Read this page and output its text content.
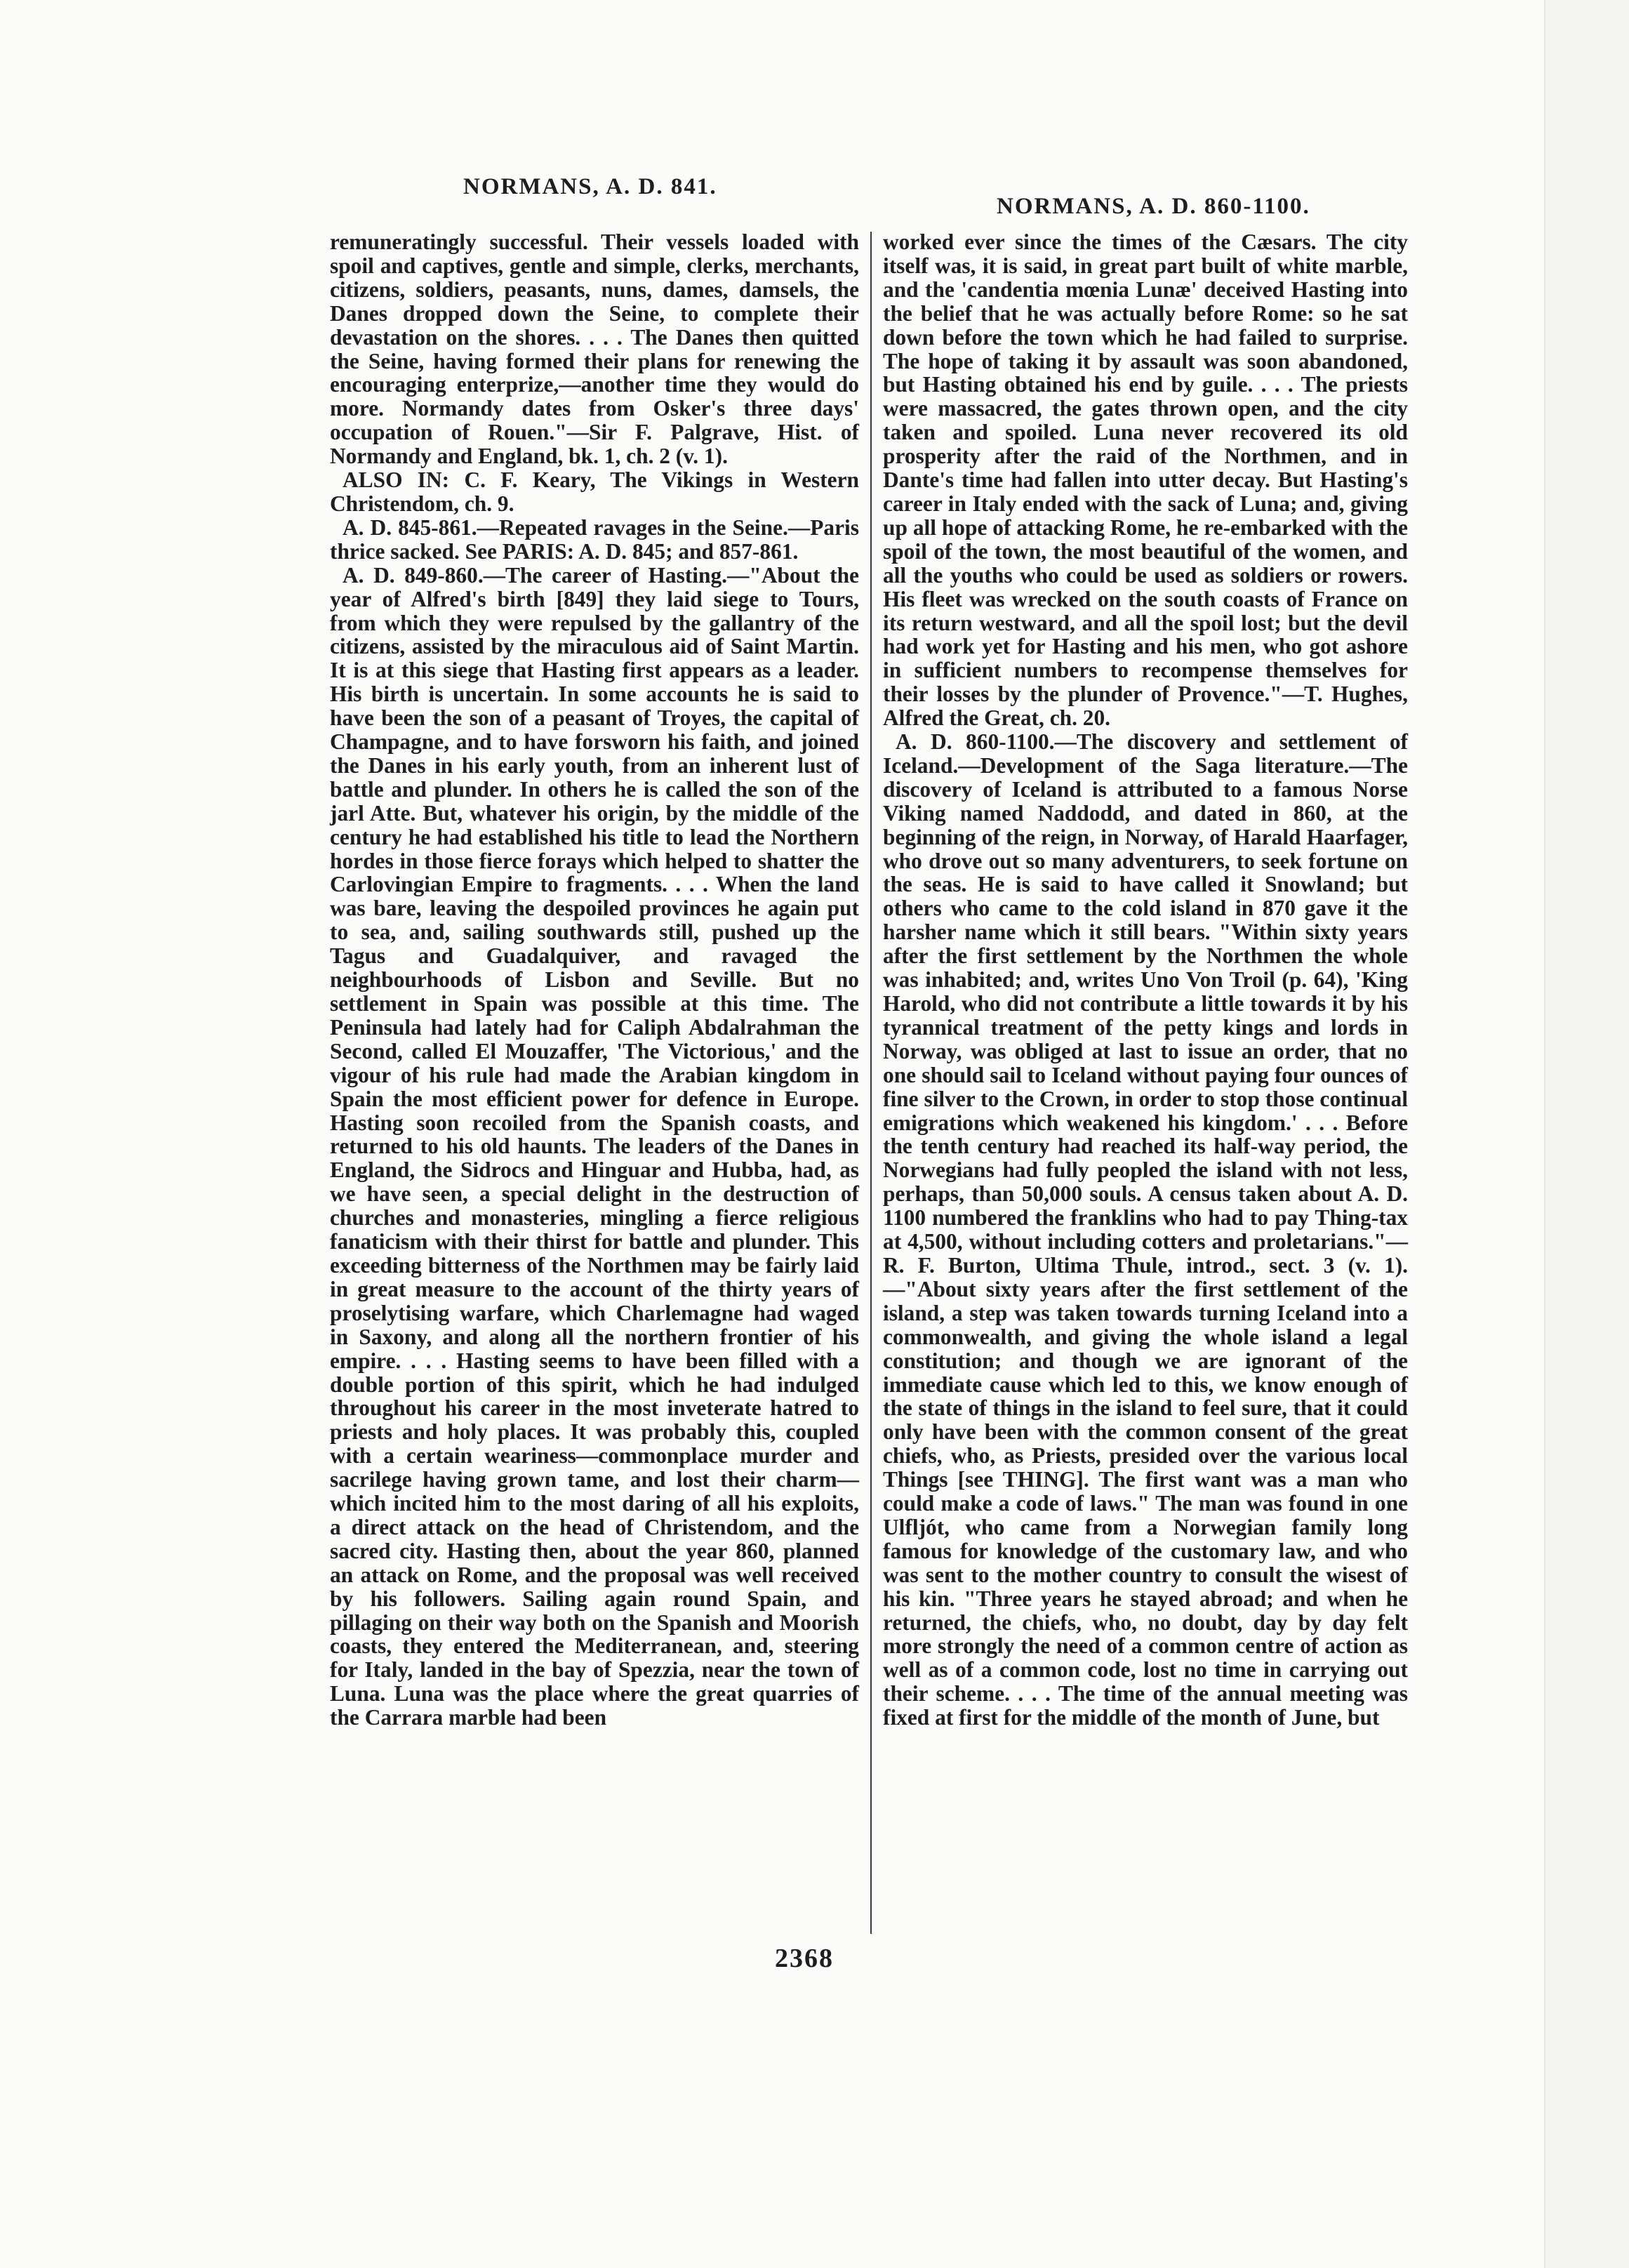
NORMANS, A. D. 841.
NORMANS, A. D. 860-1100.

remuneratingly successful. Their vessels loaded with spoil and captives, gentle and simple, clerks, merchants, citizens, soldiers, peasants, nuns, dames, damsels, the Danes dropped down the Seine, to complete their devastation on the shores. . . . The Danes then quitted the Seine, having formed their plans for renewing the encouraging enterprize,—another time they would do more. Normandy dates from Osker's three days' occupation of Rouen."—Sir F. Palgrave, Hist. of Normandy and England, bk. 1, ch. 2 (v. 1).

ALSO IN: C. F. Keary, The Vikings in Western Christendom, ch. 9.

A. D. 845-861.—Repeated ravages in the Seine.—Paris thrice sacked. See PARIS: A. D. 845; and 857-861.

A. D. 849-860.—The career of Hasting.—"About the year of Alfred's birth [849] they laid siege to Tours, from which they were repulsed by the gallantry of the citizens, assisted by the miraculous aid of Saint Martin. It is at this siege that Hasting first appears as a leader. His birth is uncertain. In some accounts he is said to have been the son of a peasant of Troyes, the capital of Champagne, and to have forsworn his faith, and joined the Danes in his early youth, from an inherent lust of battle and plunder. In others he is called the son of the jarl Atte. But, whatever his origin, by the middle of the century he had established his title to lead the Northern hordes in those fierce forays which helped to shatter the Carlovingian Empire to fragments. . . . When the land was bare, leaving the despoiled provinces he again put to sea, and, sailing southwards still, pushed up the Tagus and Guadalquiver, and ravaged the neighbourhoods of Lisbon and Seville. But no settlement in Spain was possible at this time. The Peninsula had lately had for Caliph Abdalrahman the Second, called El Mouzaffer, 'The Victorious,' and the vigour of his rule had made the Arabian kingdom in Spain the most efficient power for defence in Europe. Hasting soon recoiled from the Spanish coasts, and returned to his old haunts. The leaders of the Danes in England, the Sidrocs and Hinguar and Hubba, had, as we have seen, a special delight in the destruction of churches and monasteries, mingling a fierce religious fanaticism with their thirst for battle and plunder. This exceeding bitterness of the Northmen may be fairly laid in great measure to the account of the thirty years of proselytising warfare, which Charlemagne had waged in Saxony, and along all the northern frontier of his empire. . . . Hasting seems to have been filled with a double portion of this spirit, which he had indulged throughout his career in the most inveterate hatred to priests and holy places. It was probably this, coupled with a certain weariness—commonplace murder and sacrilege having grown tame, and lost their charm—which incited him to the most daring of all his exploits, a direct attack on the head of Christendom, and the sacred city. Hasting then, about the year 860, planned an attack on Rome, and the proposal was well received by his followers. Sailing again round Spain, and pillaging on their way both on the Spanish and Moorish coasts, they entered the Mediterranean, and, steering for Italy, landed in the bay of Spezzia, near the town of Luna. Luna was the place where the great quarries of the Carrara marble had been

worked ever since the times of the Cæsars. The city itself was, it is said, in great part built of white marble, and the 'candentia mœnia Lunæ' deceived Hasting into the belief that he was actually before Rome: so he sat down before the town which he had failed to surprise. The hope of taking it by assault was soon abandoned, but Hasting obtained his end by guile. . . . The priests were massacred, the gates thrown open, and the city taken and spoiled. Luna never recovered its old prosperity after the raid of the Northmen, and in Dante's time had fallen into utter decay. But Hasting's career in Italy ended with the sack of Luna; and, giving up all hope of attacking Rome, he re-embarked with the spoil of the town, the most beautiful of the women, and all the youths who could be used as soldiers or rowers. His fleet was wrecked on the south coasts of France on its return westward, and all the spoil lost; but the devil had work yet for Hasting and his men, who got ashore in sufficient numbers to recompense themselves for their losses by the plunder of Provence."—T. Hughes, Alfred the Great, ch. 20.

A. D. 860-1100.—The discovery and settlement of Iceland.—Development of the Saga literature.—The discovery of Iceland is attributed to a famous Norse Viking named Naddodd, and dated in 860, at the beginning of the reign, in Norway, of Harald Haarfager, who drove out so many adventurers, to seek fortune on the seas. He is said to have called it Snowland; but others who came to the cold island in 870 gave it the harsher name which it still bears. "Within sixty years after the first settlement by the Northmen the whole was inhabited; and, writes Uno Von Troil (p. 64), 'King Harold, who did not contribute a little towards it by his tyrannical treatment of the petty kings and lords in Norway, was obliged at last to issue an order, that no one should sail to Iceland without paying four ounces of fine silver to the Crown, in order to stop those continual emigrations which weakened his kingdom.' . . . Before the tenth century had reached its half-way period, the Norwegians had fully peopled the island with not less, perhaps, than 50,000 souls. A census taken about A. D. 1100 numbered the franklins who had to pay Thing-tax at 4,500, without including cotters and proletarians."—R. F. Burton, Ultima Thule, introd., sect. 3 (v. 1).—"About sixty years after the first settlement of the island, a step was taken towards turning Iceland into a commonwealth, and giving the whole island a legal constitution; and though we are ignorant of the immediate cause which led to this, we know enough of the state of things in the island to feel sure, that it could only have been with the common consent of the great chiefs, who, as Priests, presided over the various local Things [see THING]. The first want was a man who could make a code of laws." The man was found in one Ulfljót, who came from a Norwegian family long famous for knowledge of the customary law, and who was sent to the mother country to consult the wisest of his kin. "Three years he stayed abroad; and when he returned, the chiefs, who, no doubt, day by day felt more strongly the need of a common centre of action as well as of a common code, lost no time in carrying out their scheme. . . . The time of the annual meeting was fixed at first for the middle of the month of June, but

2368
